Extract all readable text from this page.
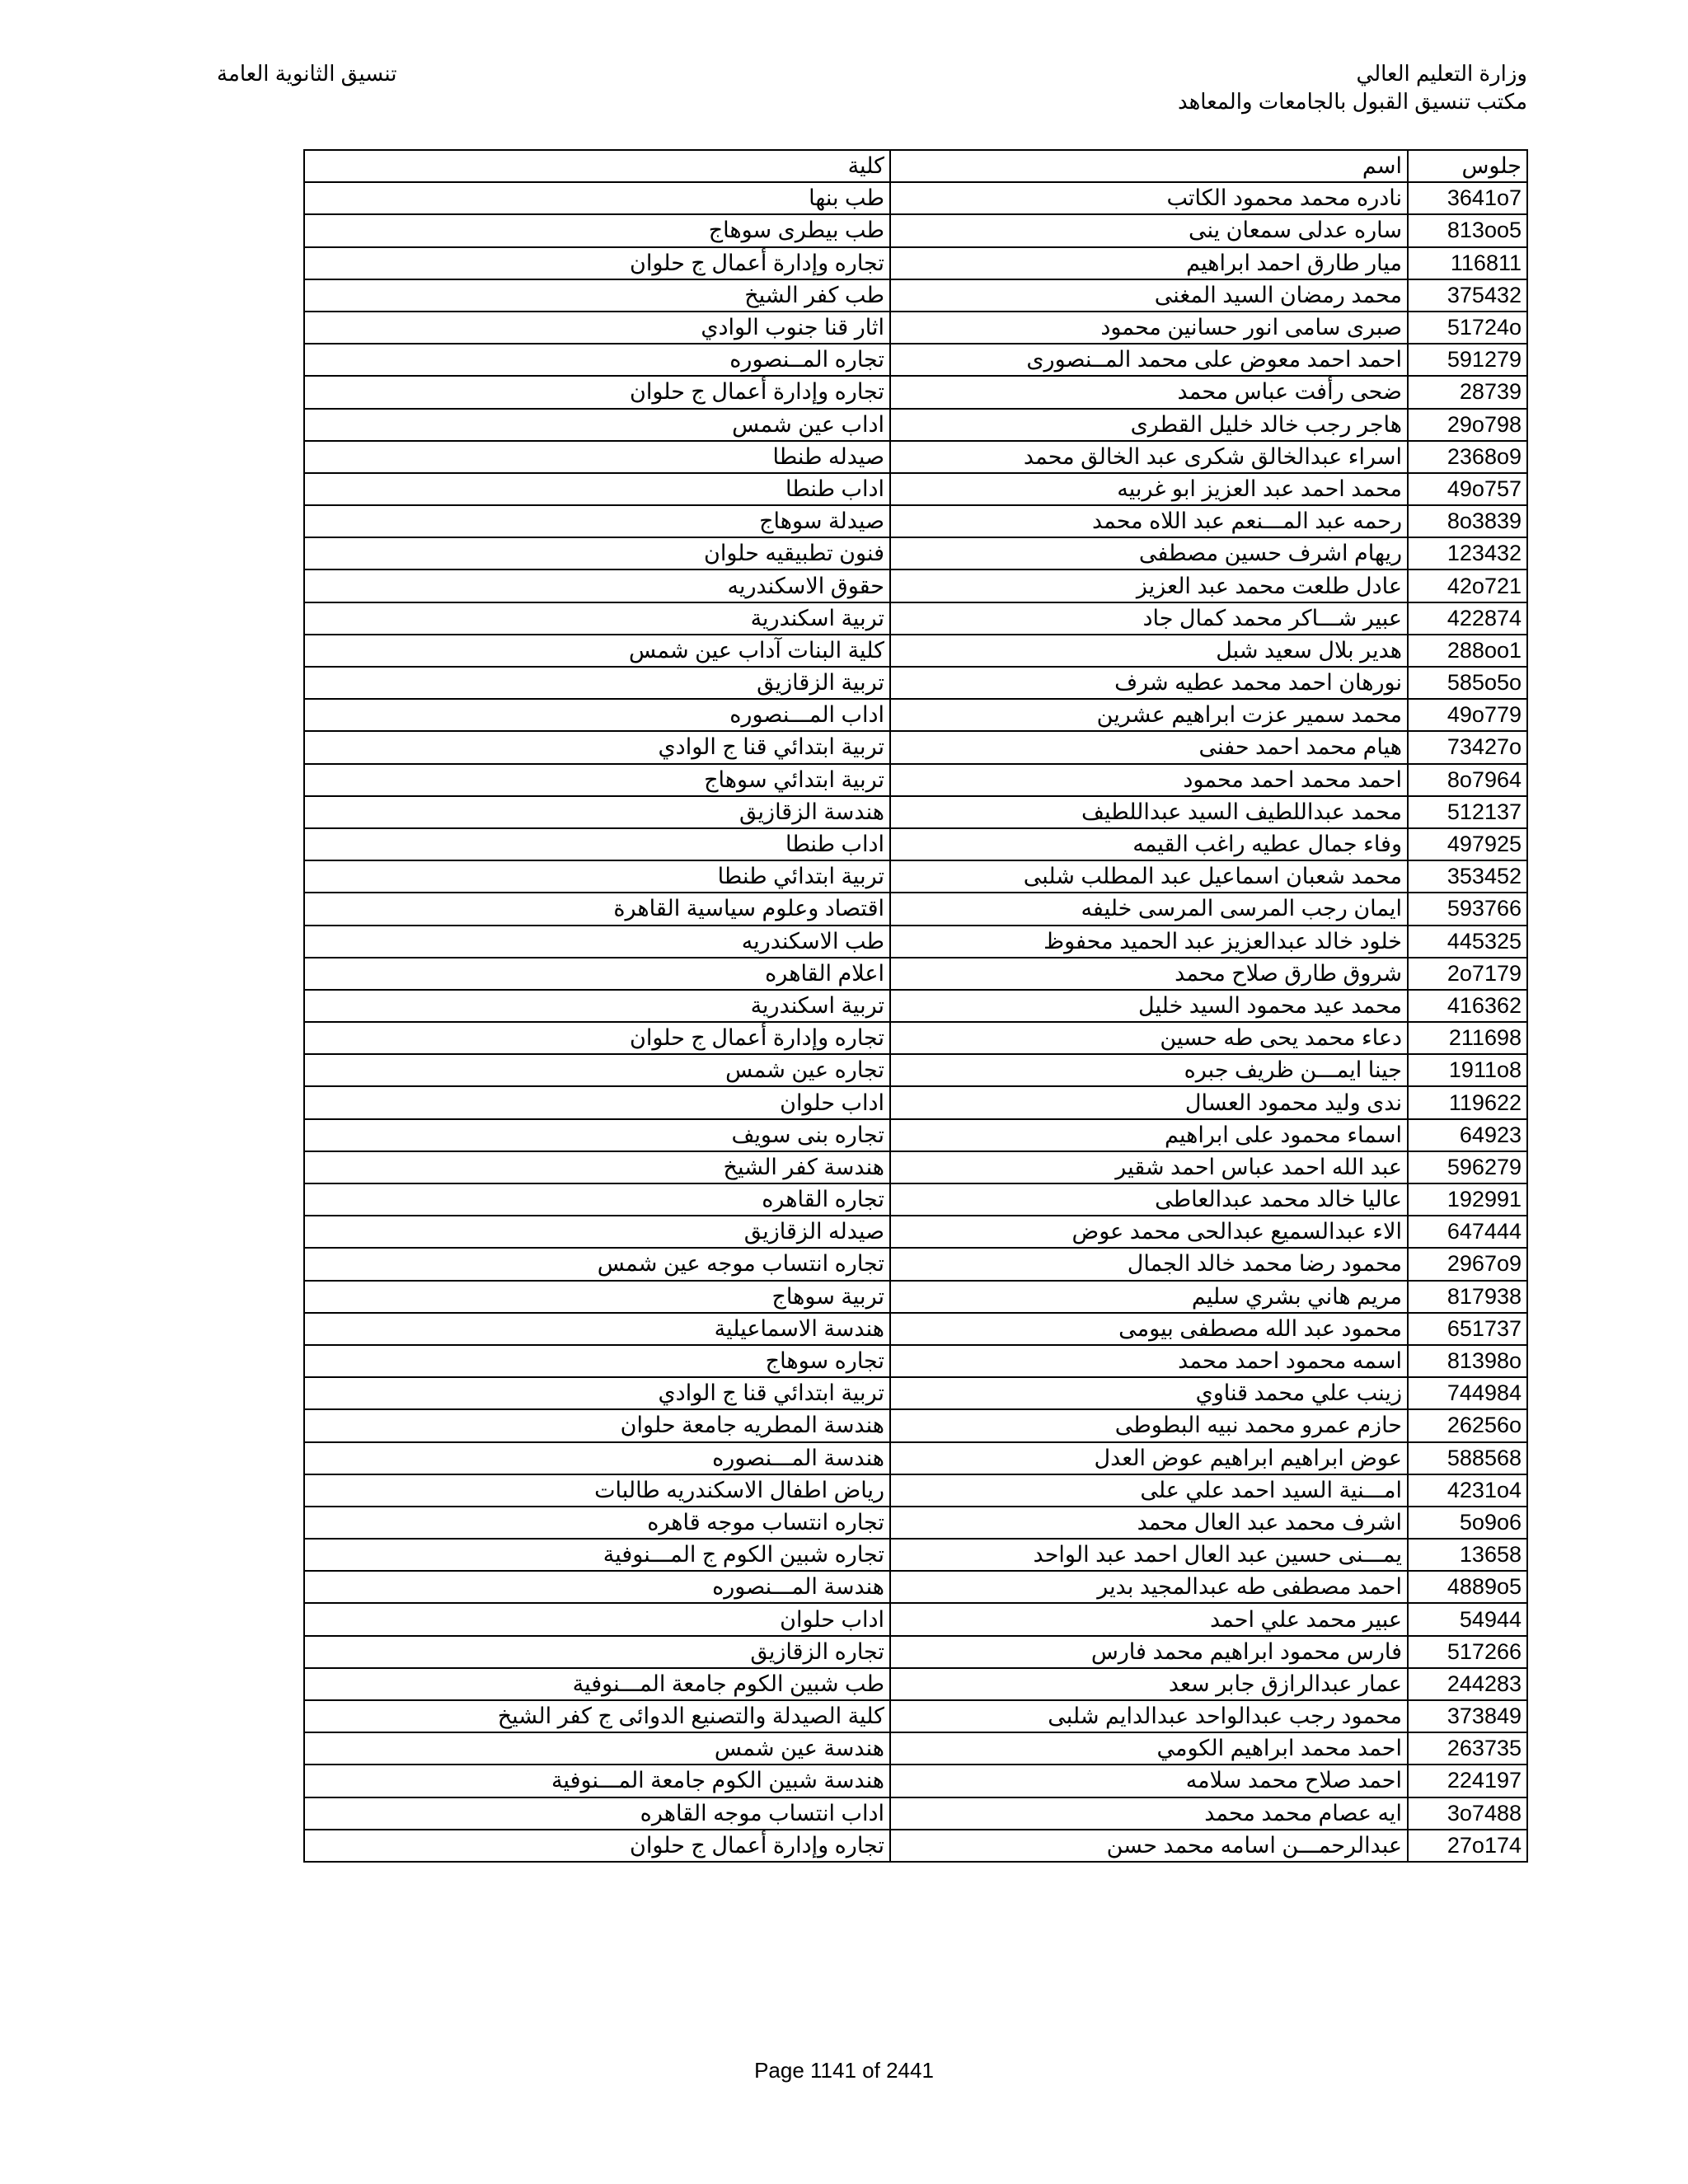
وزارة التعليم العالي
مكتب تنسيق القبول بالجامعات والمعاهد
تنسيق الثانوية العامة
جلوس	اسم	كلية
3641o7	نادره محمد محمود الكاتب	طب بنها
813oo5	ساره عدلى سمعان ينى	طب بيطرى سوهاج
116811	ميار طارق احمد ابراهيم	تجاره وإدارة أعمال ج حلوان
375432	محمد رمضان السيد المغنى	طب كفر الشيخ
51724o	صبرى سامى انور حسانين محمود	اثار قنا جنوب الوادي
591279	احمد احمد معوض على محمد المــنصورى	تجاره المــنصوره
28739	ضحى رأفت عباس محمد	تجاره وإدارة أعمال ج حلوان
29o798	هاجر رجب خالد خليل القطرى	اداب عين شمس
2368o9	اسراء عبدالخالق شكرى عبد الخالق محمد	صيدله طنطا
49o757	محمد احمد عبد العزيز ابو غربيه	اداب طنطا
8o3839	رحمه عبد المـــنعم عبد اللاه محمد	صيدلة سوهاج
123432	ريهام اشرف حسين مصطفى	فنون تطبيقيه حلوان
42o721	عادل طلعت محمد عبد العزيز	حقوق الاسكندريه
422874	عبير شـــاكر محمد كمال جاد	تربية اسكندرية
288oo1	هدير بلال سعيد شبل	كلية البنات آداب عين شمس
585o5o	نورهان احمد محمد عطيه شرف	تربية الزقازيق
49o779	محمد سمير عزت ابراهيم عشرين	اداب المـــنصوره
73427o	هيام محمد احمد حفنى	تربية ابتدائي قنا ج الوادي
8o7964	احمد محمد احمد محمود	تربية ابتدائي سوهاج
512137	محمد عبداللطيف السيد عبداللطيف	هندسة الزقازيق
497925	وفاء جمال عطيه راغب القيمه	اداب طنطا
353452	محمد شعبان اسماعيل عبد المطلب شلبى	تربية ابتدائي طنطا
593766	ايمان رجب المرسى المرسى خليفه	اقتصاد وعلوم سياسية القاهرة
445325	خلود خالد عبدالعزيز عبد الحميد محفوظ	طب الاسكندريه
2o7179	شروق طارق صلاح محمد	اعلام القاهره
416362	محمد عيد محمود السيد خليل	تربية اسكندرية
211698	دعاء محمد يحى طه حسين	تجاره وإدارة أعمال ج حلوان
1911o8	جينا ايمـــن ظريف جبره	تجاره عين شمس
119622	ندى وليد محمود العسال	اداب حلوان
64923	اسماء محمود على ابراهيم	تجاره بنى سويف
596279	عبد الله احمد عباس احمد شقير	هندسة كفر الشيخ
192991	عاليا خالد محمد عبدالعاطى	تجاره القاهره
647444	الاء عبدالسميع عبدالحى محمد عوض	صيدله الزقازيق
2967o9	محمود رضا محمد خالد الجمال	تجاره انتساب موجه عين شمس
817938	مريم هاني بشري سليم	تربية سوهاج
651737	محمود عبد الله مصطفى بيومى	هندسة الاسماعيلية
81398o	اسمه محمود احمد محمد	تجاره سوهاج
744984	زينب علي محمد قناوي	تربية ابتدائي قنا ج الوادي
26256o	حازم عمرو محمد نبيه البطوطى	هندسة المطريه جامعة حلوان
588568	عوض ابراهيم ابراهيم عوض العدل	هندسة المـــنصوره
4231o4	امـــنية السيد احمد علي على	رياض اطفال الاسكندريه طالبات
5o9o6	اشرف محمد عبد العال محمد	تجاره انتساب موجه قاهره
13658	يمـــنى حسين عبد العال احمد عبد الواحد	تجاره شبين الكوم ج المـــنوفية
4889o5	احمد مصطفى طه عبدالمجيد بدير	هندسة المـــنصوره
54944	عبير محمد علي احمد	اداب حلوان
517266	فارس محمود ابراهيم محمد فارس	تجاره الزقازيق
244283	عمار عبدالرازق جابر سعد	طب شبين الكوم جامعة المـــنوفية
373849	محمود رجب عبدالواحد عبدالدايم شلبى	كلية الصيدلة والتصنيع الدوائى ج كفر الشيخ
263735	احمد محمد ابراهيم الكومي	هندسة عين شمس
224197	احمد صلاح محمد سلامه	هندسة شبين الكوم جامعة المـــنوفية
3o7488	ايه عصام محمد محمد	اداب انتساب موجه القاهره
27o174	عبدالرحمـــن اسامه محمد حسن	تجاره وإدارة أعمال ج حلوان
Page 1141 of 2441
